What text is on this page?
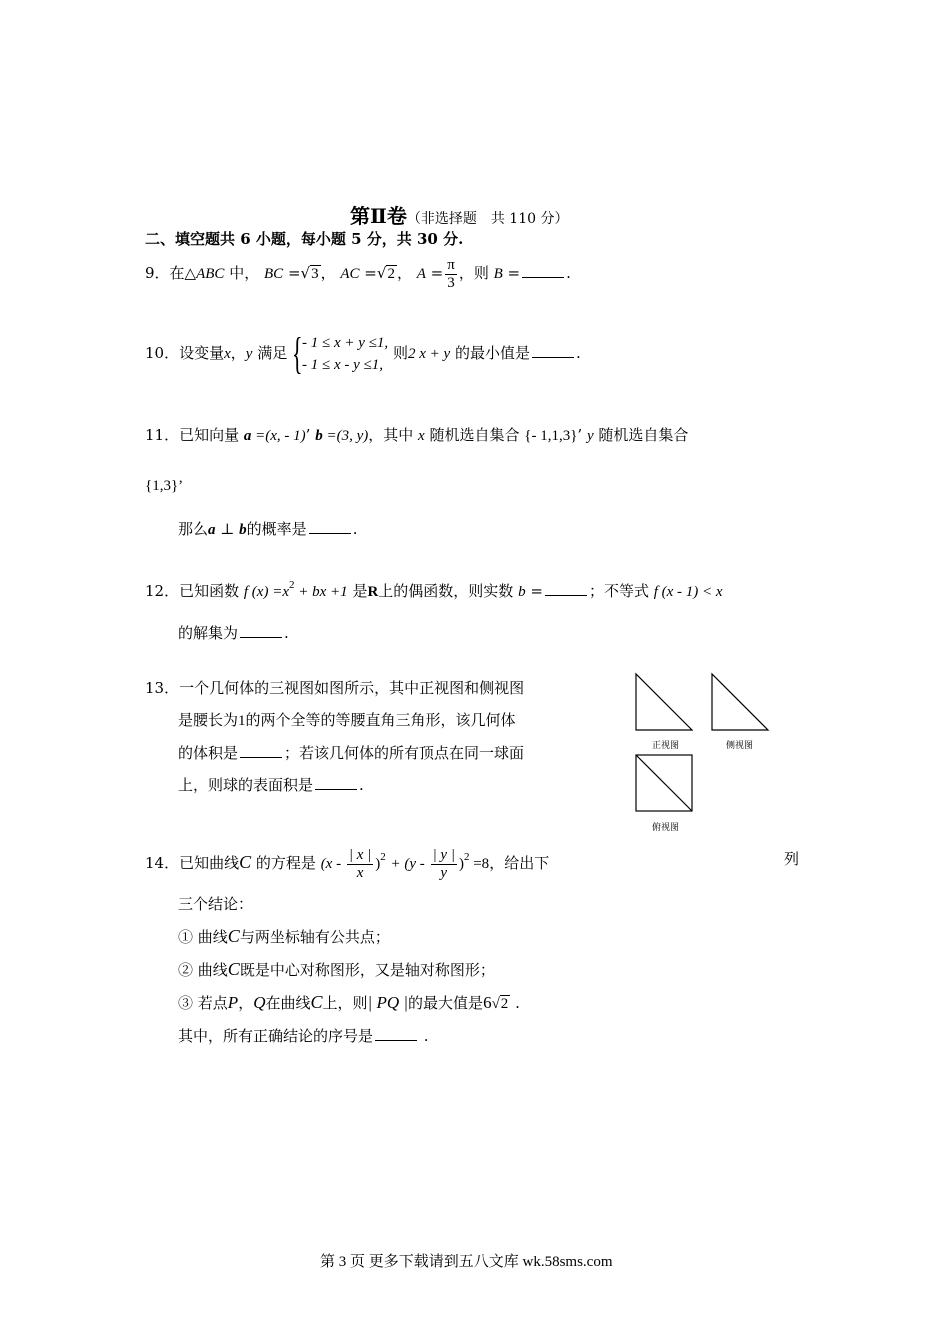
第Ⅱ卷（非选择题　共 110 分）
二、填空题共 6 小题，每小题 5 分，共 30 分.
9．在△ABC 中， BC =√3 ， AC =√2 ， $A = \frac{\pi}{3}$ ，则 B =	.
10．设变量x，y 满足 { - 1 ≤ x + y ≤1,
- 1 ≤ x - y ≤1,
则2 x + y 的最小值是	.
11．已知向量 a =(x, - 1)’ b =(3, y)，其中 x 随机选自集合 {- 1,1,3}’ y 随机选自集合
{1,3}’
那么a ⊥ b的概率是	.
12．已知函数 f $(x) =x^2$ + bx +1 是R上的偶函数，则实数 b =	；不等式 f (x - 1) < x
的解集为	.
13．一个几何体的三视图如图所示，其中正视图和侧视图
是腰长为1的两个全等的等腰直角三角形，该几何体
的体积是	；若该几何体的所有顶点在同一球面
上，则球的表面积是	.
正视图	侧视图
俯视图
14．已知曲线C 的方程是 $(x - \frac{| x |}{x} )^2 + (y - \frac{| y |}{y} )^2 =8$，给出下	列
三个结论：
① 曲线C与两坐标轴有公共点；
② 曲线C既是中心对称图形，又是轴对称图形；
③ 若点P，Q在曲线C上，则| PQ |的最大值是6√2 .
其中，所有正确结论的序号是	.
第 3 页 更多下载请到五八文库 wk.58sms.com
